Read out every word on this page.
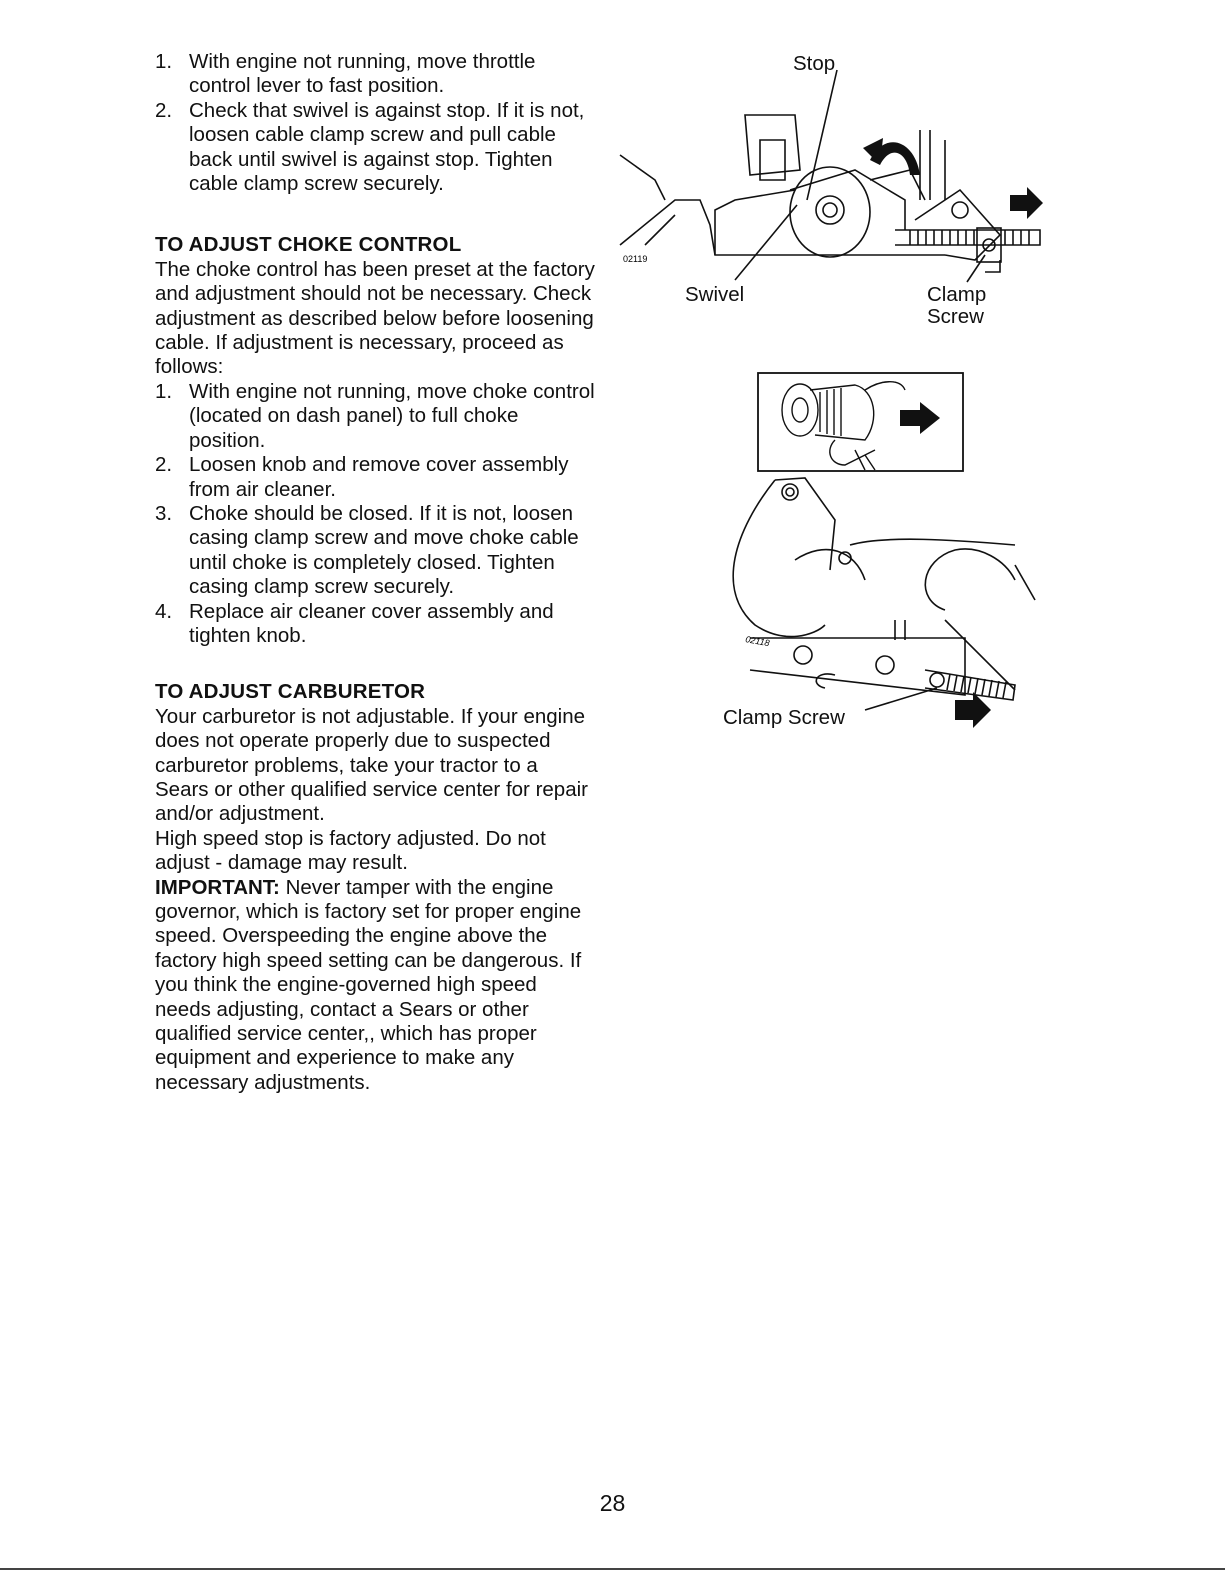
1. With engine not running, move throttle control lever to fast position.
2. Check that swivel is against stop. If it is not, loosen cable clamp screw and pull cable back until swivel is against stop. Tighten cable clamp screw securely.
TO ADJUST CHOKE CONTROL

The choke control has been preset at the factory and adjustment should not be necessary. Check adjustment as described below before loosening cable. If adjustment is necessary, proceed as follows:

1. With engine not running, move choke control (located on dash panel) to full choke position.
2. Loosen knob and remove cover assembly from air cleaner.
3. Choke should be closed. If it is not, loosen casing clamp screw and move choke cable until choke is completely closed. Tighten casing clamp screw securely.
4. Replace air cleaner cover assembly and tighten knob.
TO ADJUST CARBURETOR

Your carburetor is not adjustable. If your engine does not operate properly due to suspected carburetor problems, take your tractor to a Sears or other qualified service center for repair and/or adjustment.

High speed stop is factory adjusted. Do not adjust - damage may result.

IMPORTANT: Never tamper with the engine governor, which is factory set for proper engine speed. Overspeeding the engine above the factory high speed setting can be dangerous. If you think the engine-governed high speed needs adjusting, contact a Sears or other qualified service center,, which has proper equipment and experience to make any necessary adjustments.

02119
Stop
Swivel	Clamp
Screw
02118
Clamp Screw
28
